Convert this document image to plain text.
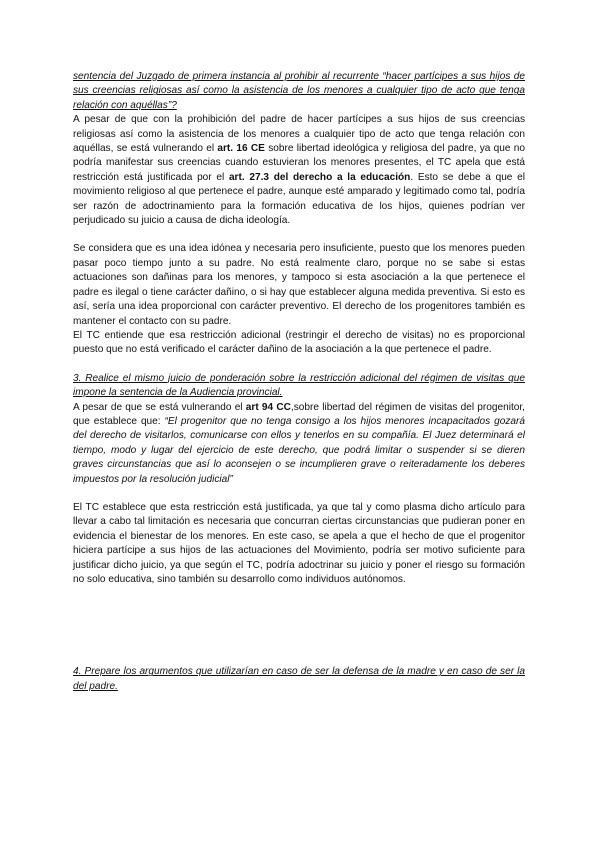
sentencia del Juzgado de primera instancia al prohibir al recurrente “hacer partícipes a sus hijos de sus creencias religiosas así como la asistencia de los menores a cualquier tipo de acto que tenga relación con aquéllas”?

A pesar de que con la prohibición del padre de hacer partícipes a sus hijos de sus creencias religiosas así como la asistencia de los menores a cualquier tipo de acto que tenga relación con aquéllas, se está vulnerando el art. 16 CE sobre libertad ideológica y religiosa del padre, ya que no podría manifestar sus creencias cuando estuvieran los menores presentes, el TC apela que está restricción está justificada por el art. 27.3 del derecho a la educación. Esto se debe a que el movimiento religioso al que pertenece el padre, aunque esté amparado y legitimado como tal, podría ser razón de adoctrinamiento para la formación educativa de los hijos, quienes podrían ver perjudicado su juicio a causa de dicha ideología.

Se considera que es una idea idónea y necesaria pero insuficiente, puesto que los menores pueden pasar poco tiempo junto a su padre. No está realmente claro, porque no se sabe si estas actuaciones son dañinas para los menores, y tampoco si esta asociación a la que pertenece el padre es ilegal o tiene carácter dañino, o si hay que establecer alguna medida preventiva. Si esto es así, sería una idea proporcional con carácter preventivo. El derecho de los progenitores también es mantener el contacto con su padre.

El TC entiende que esa restricción adicional (restringir el derecho de visitas) no es proporcional puesto que no está verificado el carácter dañino de la asociación a la que pertenece el padre.

3. Realice el mismo juicio de ponderación sobre la restricción adicional del régimen de visitas que impone la sentencia de la Audiencia provincial.

A pesar de que se está vulnerando el art 94 CC,sobre libertad del régimen de visitas del progenitor, que establece que: “El progenitor que no tenga consigo a los hijos menores incapacitados gozará del derecho de visitarlos, comunicarse con ellos y tenerlos en su compañía. El Juez determinará el tiempo, modo y lugar del ejercicio de este derecho, que podrá limitar o suspender si se dieren graves circunstancias que así lo aconsejen o se incumplieren grave o reiteradamente los deberes impuestos por la resolución judicial”

El TC establece que esta restricción está justificada, ya que tal y como plasma dicho artículo para llevar a cabo tal limitación es necesaria que concurran ciertas circunstancias que pudieran poner en evidencia el bienestar de los menores. En este caso, se apela a que el hecho de que el progenitor hiciera partícipe a sus hijos de las actuaciones del Movimiento, podría ser motivo suficiente para justificar dicho juicio, ya que según el TC, podría adoctrinar su juicio y poner el riesgo su formación no solo educativa, sino también su desarrollo como individuos autónomos.

4. Prepare los argumentos que utilizarían en caso de ser la defensa de la madre y en caso de ser la del padre.
